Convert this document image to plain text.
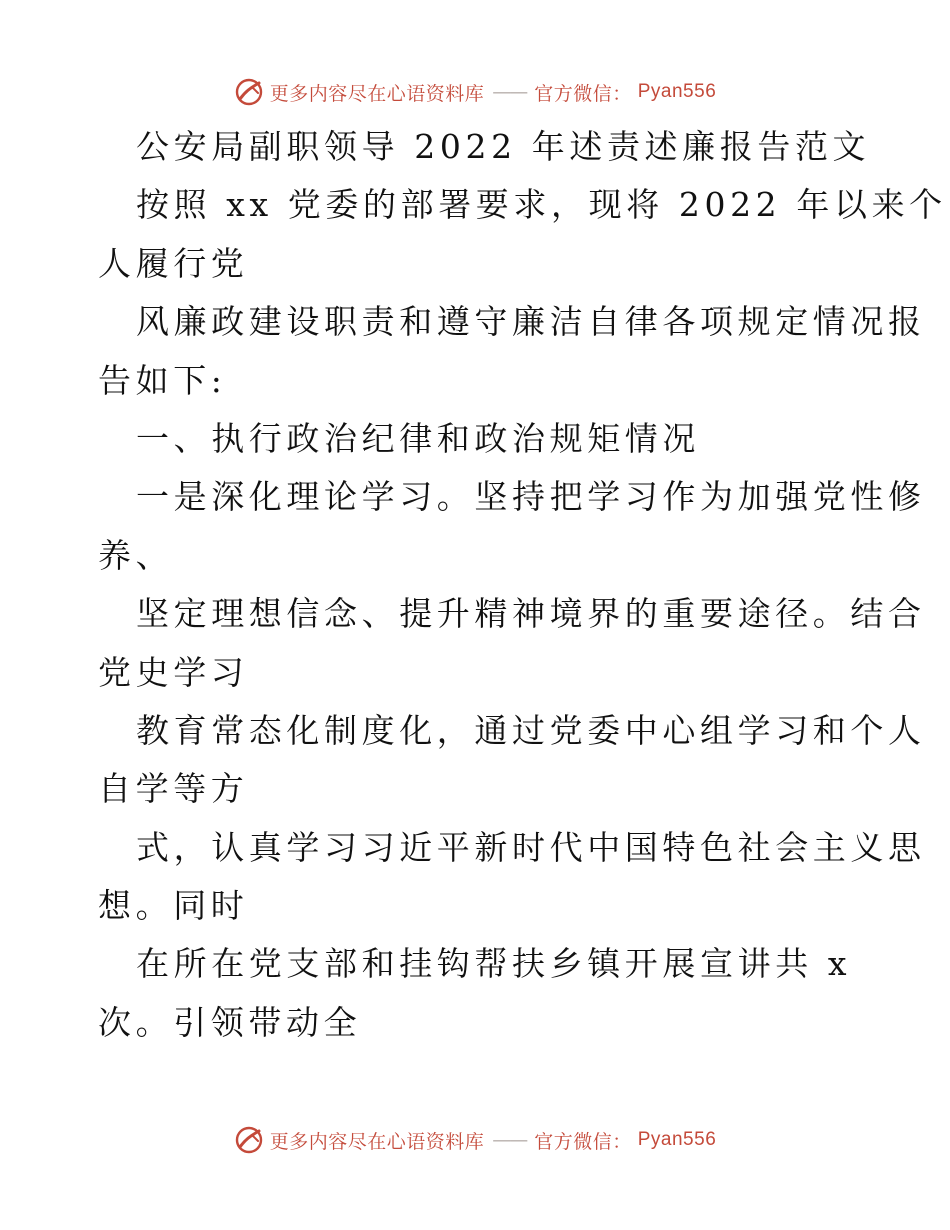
更多内容尽在心语资料库 —— 官方微信： Pyan556
公安局副职领导 2022 年述责述廉报告范文
按照 xx 党委的部署要求，现将 2022 年以来个
人履行党
风廉政建设职责和遵守廉洁自律各项规定情况报
告如下:
一、执行政治纪律和政治规矩情况
一是深化理论学习。坚持把学习作为加强党性修
养、
坚定理想信念、提升精神境界的重要途径。结合
党史学习
教育常态化制度化，通过党委中心组学习和个人
自学等方
式，认真学习习近平新时代中国特色社会主义思
想。同时
在所在党支部和挂钩帮扶乡镇开展宣讲共 x
次。引领带动全
更多内容尽在心语资料库 —— 官方微信： Pyan556
